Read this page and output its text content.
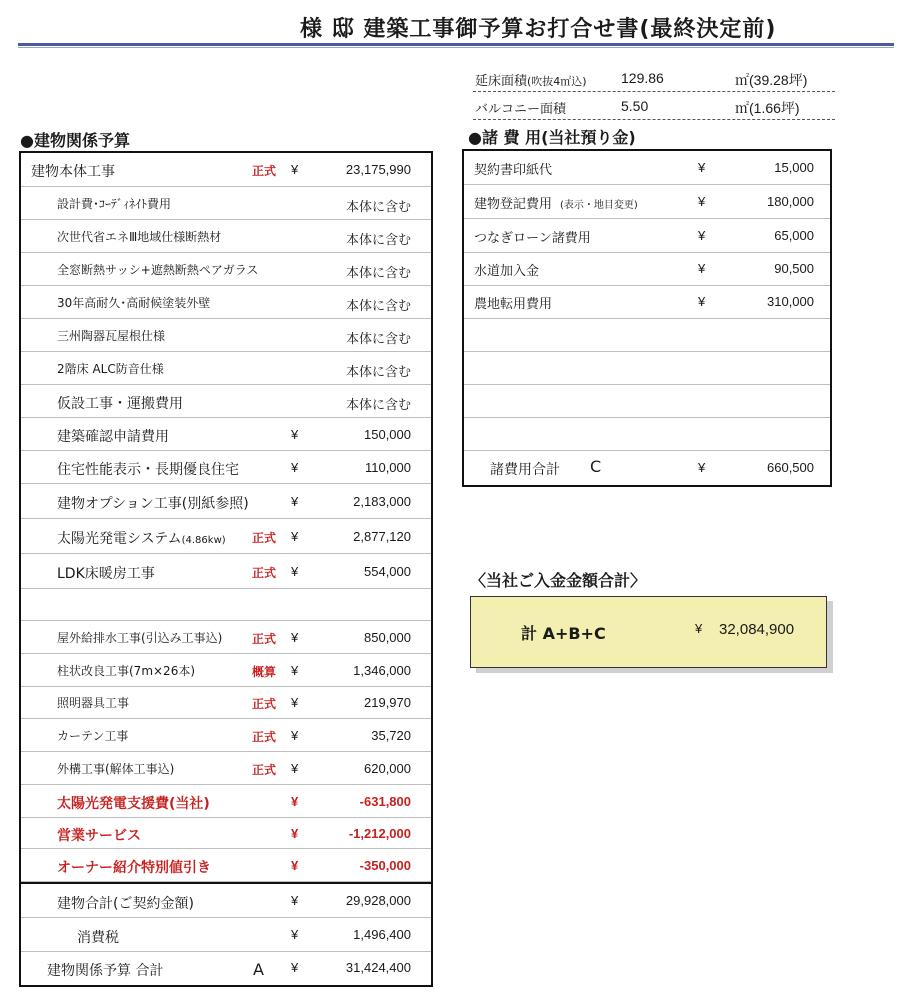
様 邸 建築工事御予算お打合せ書(最終決定前)
延床面積(吹抜4㎡込) 129.86	㎡(39.28坪)
バルコニー面積	5.50	㎡(1.66坪)
●建物関係予算	●諸 費 用(当社預り金)
建物本体工事	正式 ¥	23,175,990
設計費･ｺｰﾃﾞｨﾈｲﾄ費用	本体に含む
次世代省エネⅢ地域仕様断熱材	本体に含む
全窓断熱サッシ+遮熱断熱ペアガラス	本体に含む
30年高耐久･高耐候塗装外壁	本体に含む
三州陶器瓦屋根仕様	本体に含む
2階床 ALC防音仕様	本体に含む
仮設工事・運搬費用	本体に含む
建築確認申請費用	¥	150,000
住宅性能表示・長期優良住宅	¥	110,000
建物オプション工事(別紙参照)	¥	2,183,000
太陽光発電システム(4.86kw) 正式 ¥	2,877,120
LDK床暖房工事	正式 ¥	554,000
屋外給排水工事(引込み工事込) 正式 ¥	850,000
柱状改良工事(7m×26本)	概算 ¥	1,346,000
照明器具工事	正式 ¥	219,970
カーテン工事	正式 ¥	35,720
外構工事(解体工事込)	正式 ¥	620,000
太陽光発電支援費(当社)	¥	-631,800
営業サービス	¥	-1,212,000
オーナー紹介特別値引き	¥	-350,000
建物合計(ご契約金額)	¥	29,928,000
消費税	¥	1,496,400
建物関係予算 合計	A ¥	31,424,400
契約書印紙代	¥	15,000
建物登記費用 (表示・地目変更)	¥	180,000
つなぎローン諸費用	¥	65,000
水道加入金	¥	90,500
農地転用費用	¥	310,000
諸費用合計 C	¥	660,500
〈当社ご入金金額合計〉
計 A+B+C	¥ 32,084,900
